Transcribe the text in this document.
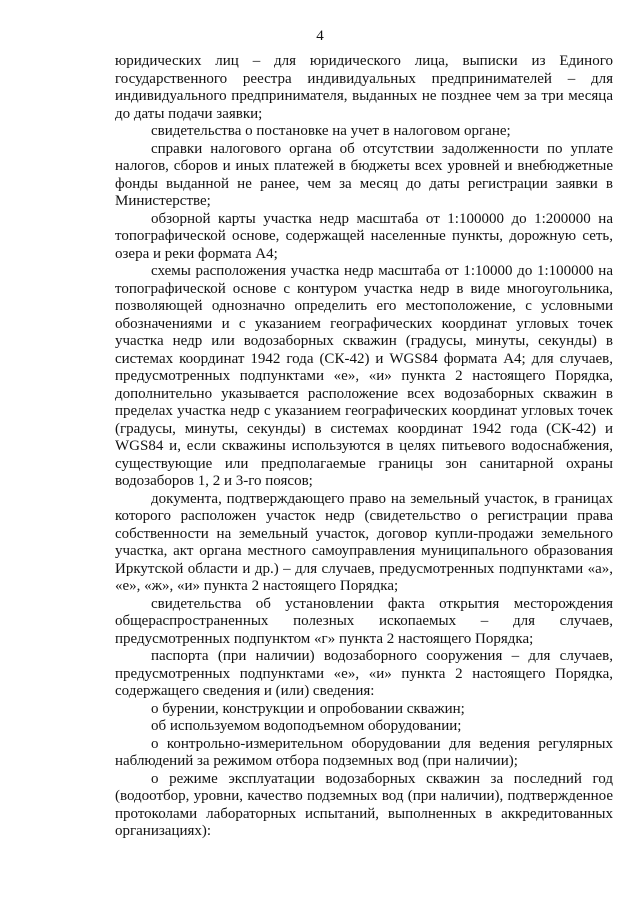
4

юридических лиц – для юридического лица, выписки из Единого государственного реестра индивидуальных предпринимателей – для индивидуального предпринимателя, выданных не позднее чем за три месяца до даты подачи заявки;

свидетельства о постановке на учет в налоговом органе;

справки налогового органа об отсутствии задолженности по уплате налогов, сборов и иных платежей в бюджеты всех уровней и внебюджетные фонды выданной не ранее, чем за месяц до даты регистрации заявки в Министерстве;

обзорной карты участка недр масштаба от 1:100000 до 1:200000 на топографической основе, содержащей населенные пункты, дорожную сеть, озера и реки формата А4;

схемы расположения участка недр масштаба от 1:10000 до 1:100000 на топографической основе с контуром участка недр в виде многоугольника, позволяющей однозначно определить его местоположение, с условными обозначениями и с указанием географических координат угловых точек участка недр или водозаборных скважин (градусы, минуты, секунды) в системах координат 1942 года (СК-42) и WGS84 формата А4; для случаев, предусмотренных подпунктами «е», «и» пункта 2 настоящего Порядка, дополнительно указывается расположение всех водозаборных скважин в пределах участка недр с указанием географических координат угловых точек (градусы, минуты, секунды) в системах координат 1942 года (СК-42) и WGS84 и, если скважины используются в целях питьевого водоснабжения, существующие или предполагаемые границы зон санитарной охраны водозаборов 1, 2 и 3-го поясов;

документа, подтверждающего право на земельный участок, в границах которого расположен участок недр (свидетельство о регистрации права собственности на земельный участок, договор купли-продажи земельного участка, акт органа местного самоуправления муниципального образования Иркутской области и др.) – для случаев, предусмотренных подпунктами «а», «е», «ж», «и» пункта 2 настоящего Порядка;

свидетельства об установлении факта открытия месторождения общераспространенных полезных ископаемых – для случаев, предусмотренных подпунктом «г» пункта 2 настоящего Порядка;

паспорта (при наличии) водозаборного сооружения – для случаев, предусмотренных подпунктами «е», «и» пункта 2 настоящего Порядка, содержащего сведения и (или) сведения:

о бурении, конструкции и опробовании скважин;

об используемом водоподъемном оборудовании;

о контрольно-измерительном оборудовании для ведения регулярных наблюдений за режимом отбора подземных вод (при наличии);

о режиме эксплуатации водозаборных скважин за последний год (водоотбор, уровни, качество подземных вод (при наличии), подтвержденное протоколами лабораторных испытаний, выполненных в аккредитованных организациях):
